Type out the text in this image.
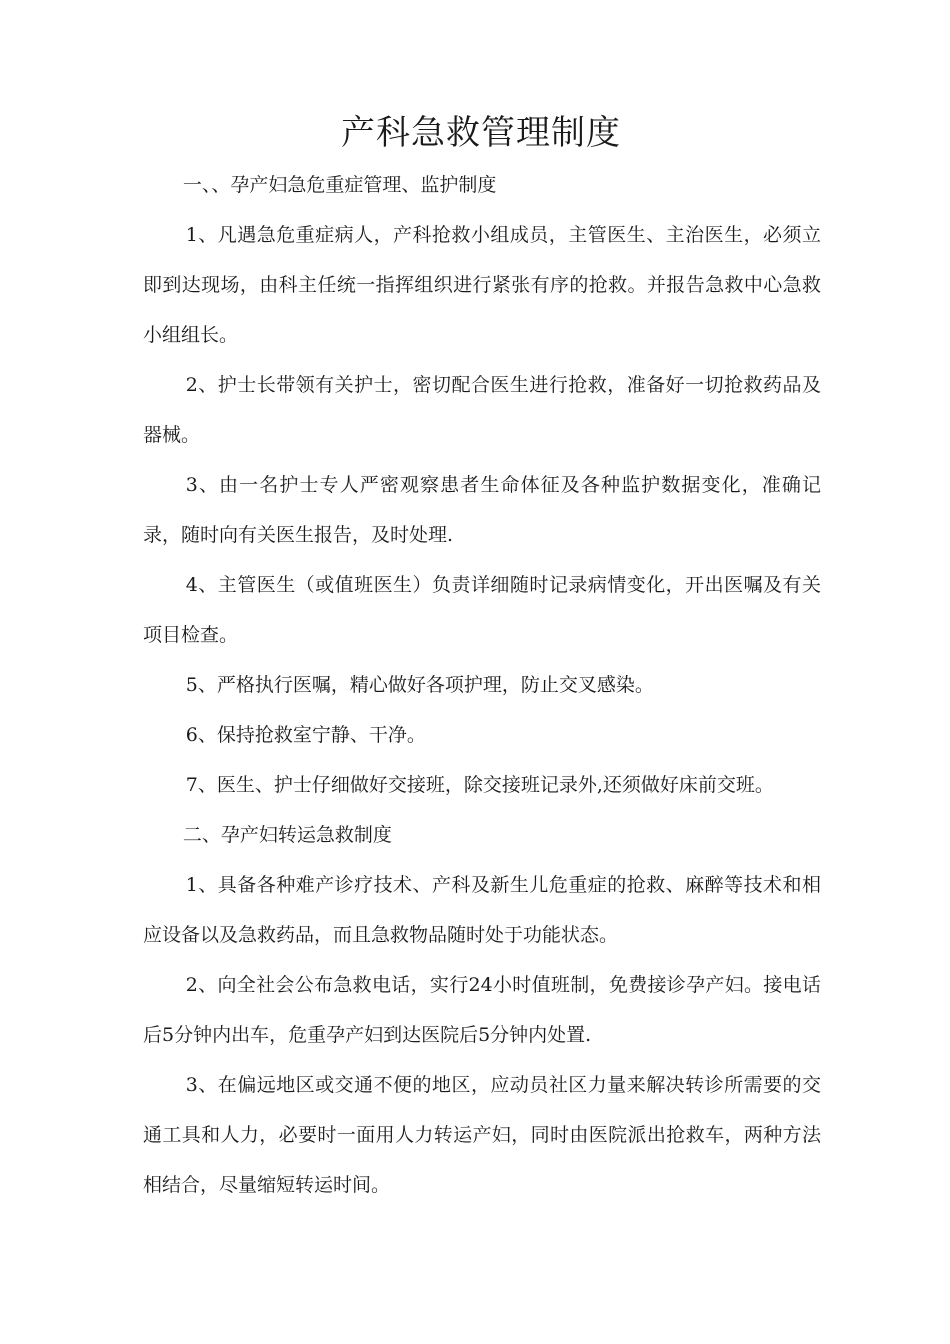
产科急救管理制度

一、、孕产妇急危重症管理、监护制度

1、凡遇急危重症病人，产科抢救小组成员，主管医生、主治医生，必须立即到达现场，由科主任统一指挥组织进行紧张有序的抢救。并报告急救中心急救小组组长。

2、护士长带领有关护士，密切配合医生进行抢救，准备好一切抢救药品及器械。

3、由一名护士专人严密观察患者生命体征及各种监护数据变化，准确记录，随时向有关医生报告，及时处理.

4、主管医生（或值班医生）负责详细随时记录病情变化，开出医嘱及有关项目检查。

5、严格执行医嘱，精心做好各项护理，防止交叉感染。

6、保持抢救室宁静、干净。

7、医生、护士仔细做好交接班，除交接班记录外,还须做好床前交班。

二、孕产妇转运急救制度

1、具备各种难产诊疗技术、产科及新生儿危重症的抢救、麻醉等技术和相应设备以及急救药品，而且急救物品随时处于功能状态。

2、向全社会公布急救电话，实行24小时值班制，免费接诊孕产妇。接电话后5分钟内出车，危重孕产妇到达医院后5分钟内处置.

3、在偏远地区或交通不便的地区，应动员社区力量来解决转诊所需要的交通工具和人力，必要时一面用人力转运产妇，同时由医院派出抢救车，两种方法相结合，尽量缩短转运时间。
